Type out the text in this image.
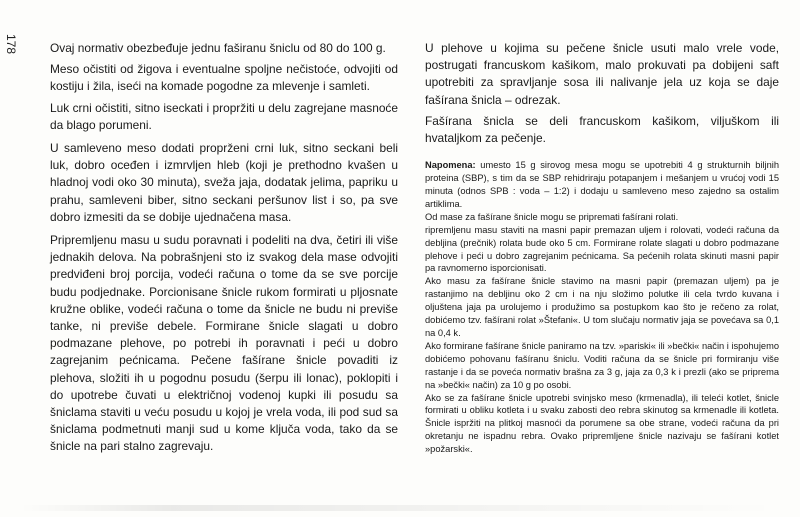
178	Ovaj normativ obezbeđuje jednu faširanu šniclu od 80 do 100 g.

Meso očistiti od žigova i eventualne spoljne nečistoće, odvojiti od kostiju i žila, iseći na komade pogodne za mlevenje i samleti.

Luk crni očistiti, sitno iseckati i propržiti u delu zagrejane masnoće da blago porumeni.

U samleveno meso dodati proprženi crni luk, sitno seckani beli luk, dobro oceđen i izmrvljen hleb (koji je prethodno kvašen u hladnoj vodi oko 30 minuta), sveža jaja, dodatak jelima, papriku u prahu, samleveni biber, sitno seckani peršunov list i so, pa sve dobro izmesiti da se dobije ujednačena masa.

Pripremljenu masu u sudu poravnati i podeliti na dva, četiri ili više jednakih delova. Na pobrašnjeni sto iz svakog dela mase odvojiti predviđeni broj porcija, vodeći računa o tome da se sve porcije budu podjednake. Porcionisane šnicle rukom formirati u pljosnate kružne oblike, vodeći računa o tome da šnicle ne budu ni previše tanke, ni previše debele. Formirane šnicle slagati u dobro podmazane plehove, po potrebi ih poravnati i peći u dobro zagrejanim pećnicama. Pečene fašírane šnicle povaditi iz plehova, složiti ih u pogodnu posudu (šerpu ili lonac), poklopiti i do upotrebe čuvati u električnoj vodenoj kupki ili posudu sa šniclama staviti u veću posudu u kojoj je vrela voda, ili pod sud sa šniclama podmetnuti manji sud u kome ključa voda, tako da se šnicle na pari stalno zagrevaju.

U plehove u kojima su pečene šnicle usuti malo vrele vode, postrugati francuskom kašikom, malo prokuvati pa dobijeni saft upotrebiti za spravljanje sosa ili nalivanje jela uz koja se daje fašírana šnicla – odrezak.

Fašírana šnicla se deli francuskom kašikom, viljuškom ili hvataljkom za pečenje.

Napomena: umesto 15 g sirovog mesa mogu se upotrebiti 4 g strukturnih biljnih proteina (SBP), s tim da se SBP rehidriraju potapanjem i mešanjem u vrućoj vodi 15 minuta (odnos SPB : voda – 1:2) i dodaju u samleveno meso zajedno sa ostalim artiklima.

Od mase za fašírane šnicle mogu se pripremati fašírani rolati.

ripremljenu masu staviti na masni papir premazan uljem i rolovati, vodeći računa da debljina (prečnik) rolata bude oko 5 cm. Formirane rolate slagati u dobro podmazane plehove i peći u dobro zagrejanim pećnicama. Sa pećenih rolata skinuti masni papir pa ravnomerno isporcionisati.

Ako masu za fašírane šnicle stavimo na masni papir (premazan uljem) pa je rastanjimo na debljinu oko 2 cm i na nju složimo polutke ili cela tvrdo kuvana i oljuštena jaja pa urolujemo i produžimo sa postupkom kao što je rečeno za rolat, dobićemo tzv. fašírani rolat »Štefani«. U tom slučaju normativ jaja se povećava sa 0,1 na 0,4 k.

Ako formirane fašírane šnicle paniramo na tzv. »pariski« ili »bečki« način i ispohujemo dobićemo pohovanu fašíranu šniclu. Voditi računa da se šnicle pri formiranju više rastanje i da se poveća normativ brašna za 3 g, jaja za 0,3 k i prezli (ako se priprema na »bečki« način) za 10 g po osobi.

Ako se za fašírane šnicle upotrebi svinjsko meso (krmenadla), ili teleći kotlet, šnicle formirati u obliku kotleta i u svaku zabosti deo rebra skinutog sa krmenadle ili kotleta. Šnicle ispržiti na plitkoj masnoći da porumene sa obe strane, vodeći računa da pri okretanju ne ispadnu rebra. Ovako pripremljene šnicle nazivaju se fašírani kotlet »požarski«.
